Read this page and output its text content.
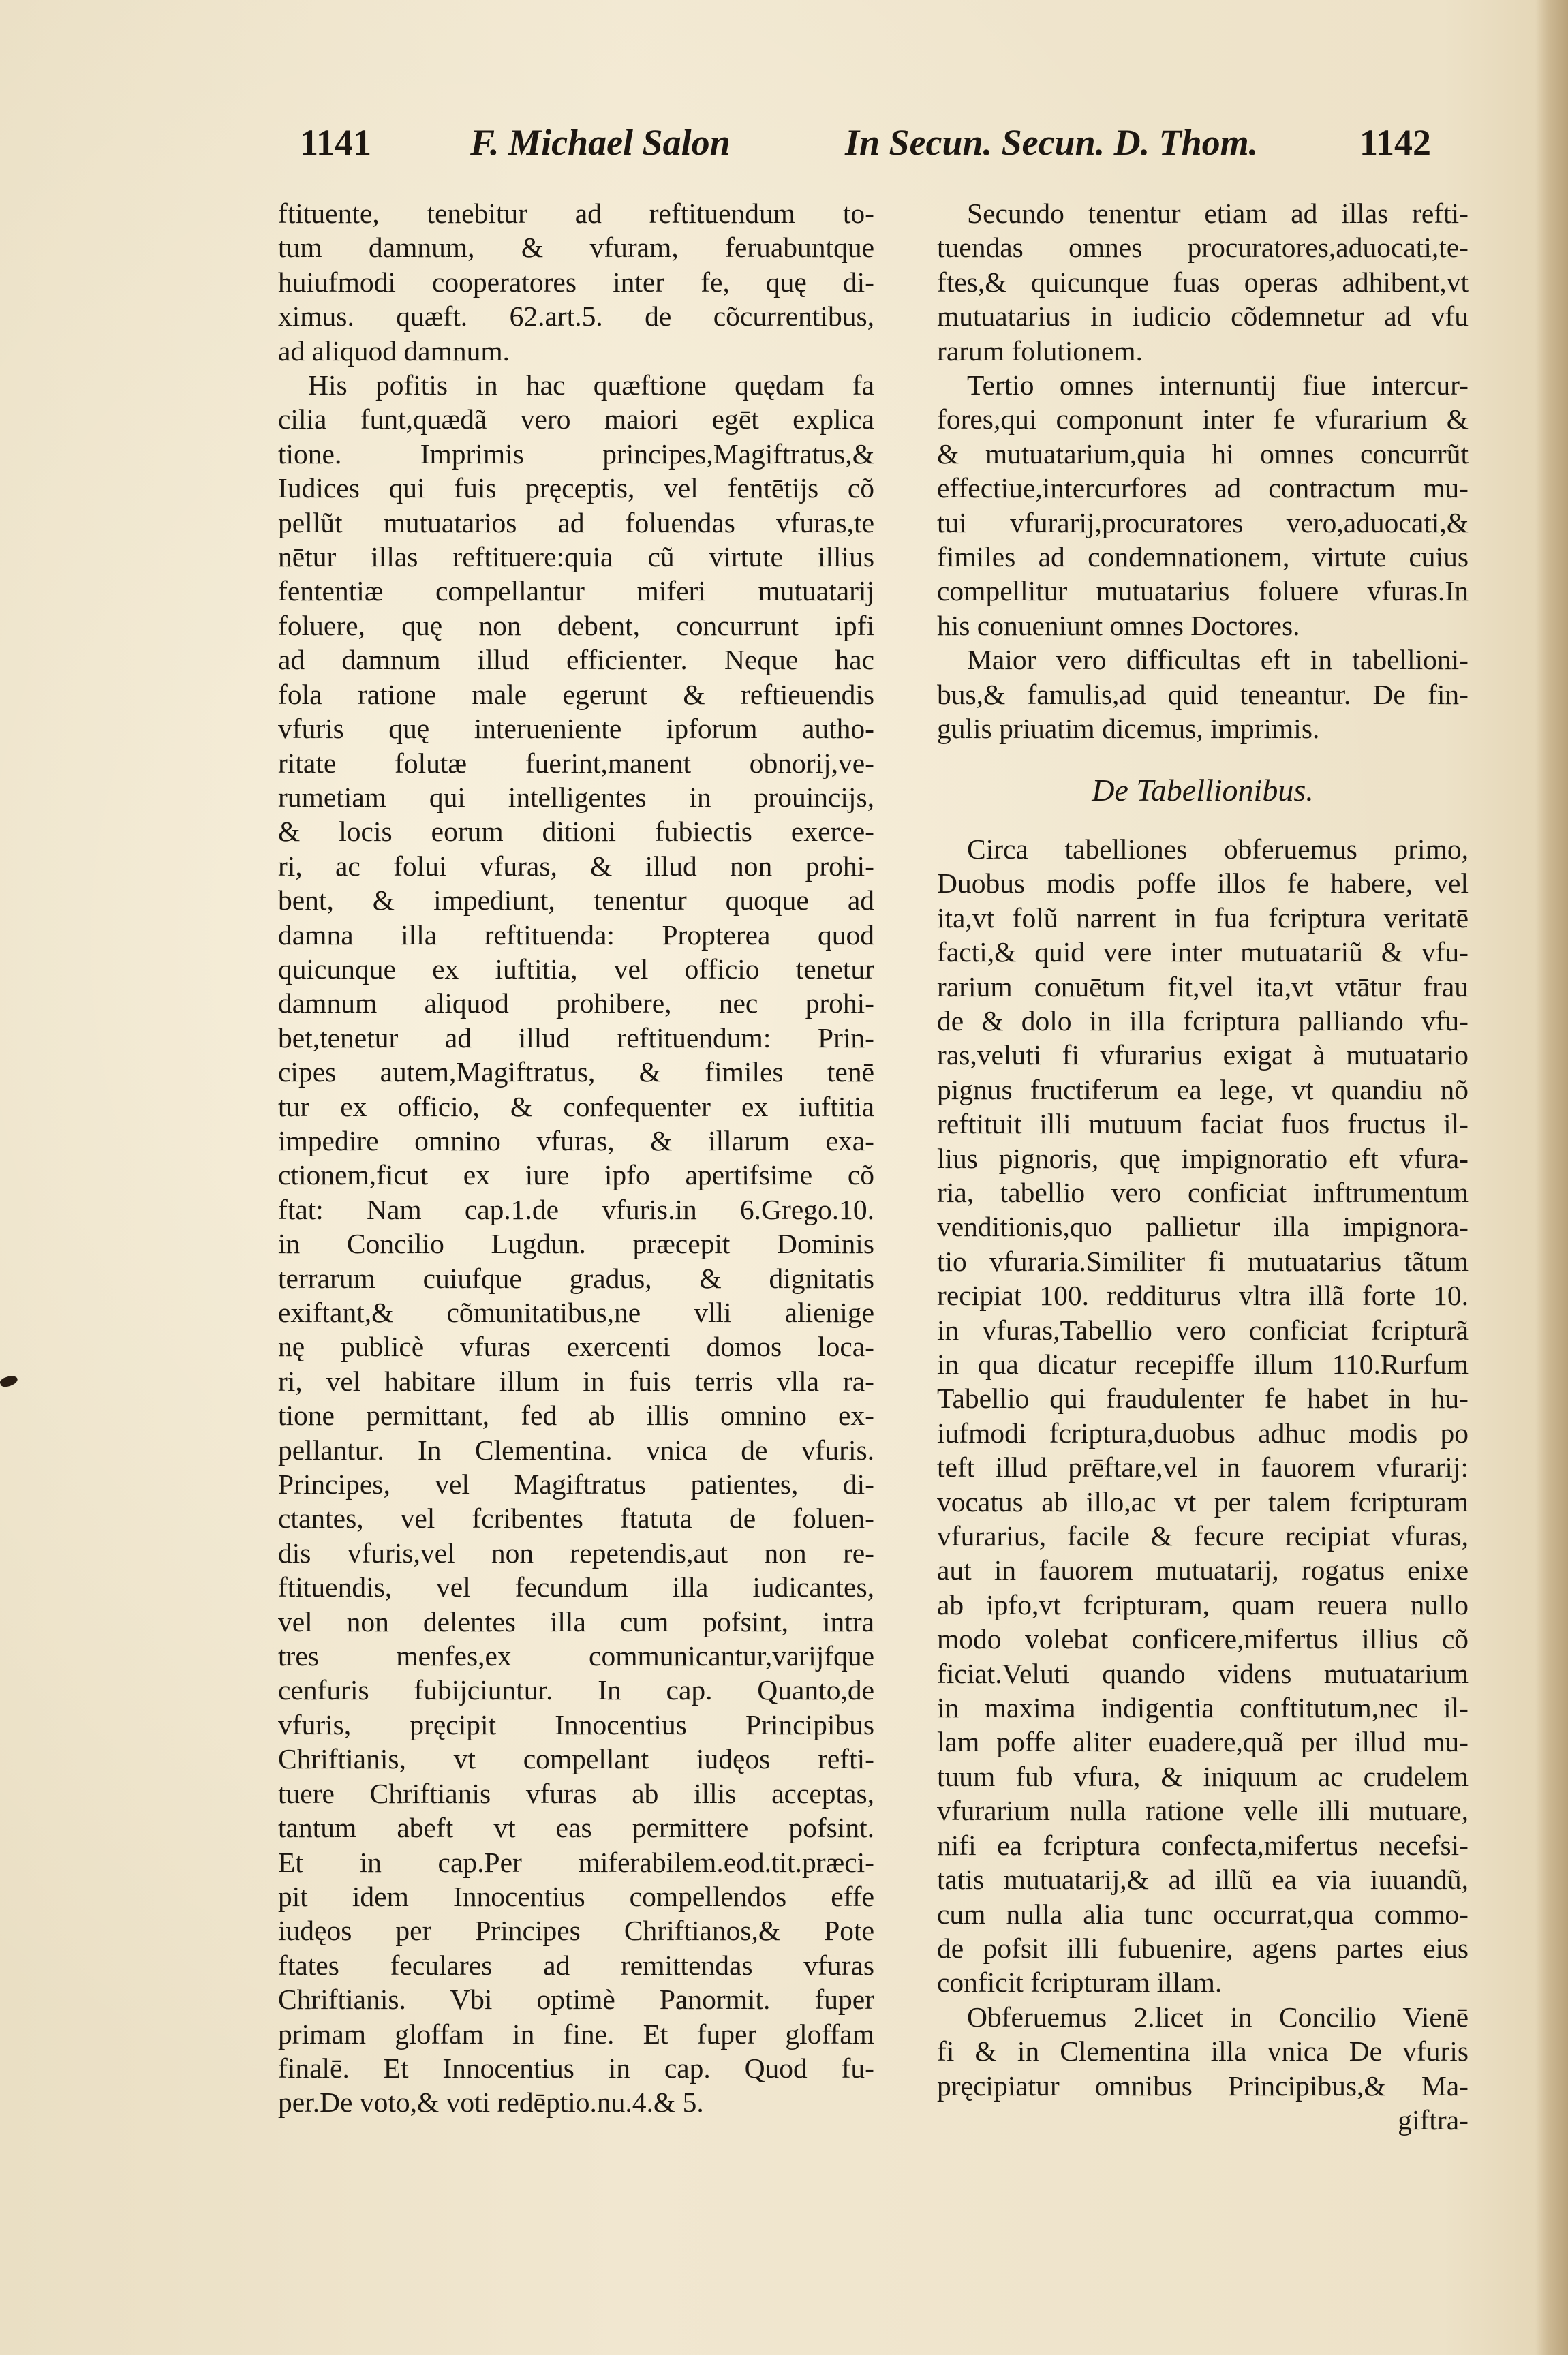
1141	F. Michael Salon	In Secun. Secun. D. Thom.	1142

ftituente, tenebitur ad reftituendum to-

tum damnum, & vfuram, feruabuntque

huiufmodi cooperatores inter fe, quę di-

ximus. quæft. 62.art.5. de cõcurrentibus,

ad aliquod damnum.

His pofitis in hac quæftione quędam fa

cilia funt,quædã vero maiori egēt explica

tione. Imprimis principes,Magiftratus,&

Iudices qui fuis pręceptis, vel fentētijs cõ

pellũt mutuatarios ad foluendas vfuras,te

nētur illas reftituere:quia cũ virtute illius

fententiæ compellantur miferi mutuatarij

foluere, quę non debent, concurrunt ipfi

ad damnum illud efficienter. Neque hac

fola ratione male egerunt & reftieuendis

vfuris quę interueniente ipforum autho-

ritate folutæ fuerint,manent obnorij,ve-

rumetiam qui intelligentes in prouincijs,

& locis eorum ditioni fubiectis exerce-

ri, ac folui vfuras, & illud non prohi-

bent, & impediunt, tenentur quoque ad

damna illa reftituenda: Propterea quod

quicunque ex iuftitia, vel officio tenetur

damnum aliquod prohibere, nec prohi-

bet,tenetur ad illud reftituendum: Prin-

cipes autem,Magiftratus, & fimiles tenē

tur ex officio, & confequenter ex iuftitia

impedire omnino vfuras, & illarum exa-

ctionem,ficut ex iure ipfo apertifsime cõ

ftat: Nam cap.1.de vfuris.in 6.Grego.10.

in Concilio Lugdun. præcepit Dominis

terrarum cuiufque gradus, & dignitatis

exiftant,& cõmunitatibus,ne vlli alienige

nę publicè vfuras exercenti domos loca-

ri, vel habitare illum in fuis terris vlla ra-

tione permittant, fed ab illis omnino ex-

pellantur. In Clementina. vnica de vfuris.

Principes, vel Magiftratus patientes, di-

ctantes, vel fcribentes ftatuta de foluen-

dis vfuris,vel non repetendis,aut non re-

ftituendis, vel fecundum illa iudicantes,

vel non delentes illa cum pofsint, intra

tres menfes,ex communicantur,varijfque

cenfuris fubijciuntur. In cap. Quanto,de

vfuris, pręcipit Innocentius Principibus

Chriftianis, vt compellant iudęos refti-

tuere Chriftianis vfuras ab illis acceptas,

tantum abeft vt eas permittere pofsint.

Et in cap.Per miferabilem.eod.tit.præci-

pit idem Innocentius compellendos effe

iudęos per Principes Chriftianos,& Pote

ftates feculares ad remittendas vfuras

Chriftianis. Vbi optimè Panormit. fuper

primam gloffam in fine. Et fuper gloffam

finalē. Et Innocentius in cap. Quod fu-

per.De voto,& voti redēptio.nu.4.& 5.

Secundo tenentur etiam ad illas refti-

tuendas omnes procuratores,aduocati,te-

ftes,& quicunque fuas operas adhibent,vt

mutuatarius in iudicio cõdemnetur ad vfu

rarum folutionem.

Tertio omnes internuntij fiue intercur-

fores,qui componunt inter fe vfurarium &

& mutuatarium,quia hi omnes concurrũt

effectiue,intercurfores ad contractum mu-

tui vfurarij,procuratores vero,aduocati,&

fimiles ad condemnationem, virtute cuius

compellitur mutuatarius foluere vfuras.In

his conueniunt omnes Doctores.

Maior vero difficultas eft in tabellioni-

bus,& famulis,ad quid teneantur. De fin-

gulis priuatim dicemus, imprimis.

De Tabellionibus.

Circa tabelliones obferuemus primo,

Duobus modis poffe illos fe habere, vel

ita,vt folũ narrent in fua fcriptura veritatē

facti,& quid vere inter mutuatariũ & vfu-

rarium conuētum fit,vel ita,vt vtātur frau

de & dolo in illa fcriptura palliando vfu-

ras,veluti fi vfurarius exigat à mutuatario

pignus fructiferum ea lege, vt quandiu nõ

reftituit illi mutuum faciat fuos fructus il-

lius pignoris, quę impignoratio eft vfura-

ria, tabellio vero conficiat inftrumentum

venditionis,quo pallietur illa impignora-

tio vfuraria.Similiter fi mutuatarius tãtum

recipiat 100. redditurus vltra illã forte 10.

in vfuras,Tabellio vero conficiat fcripturã

in qua dicatur recepiffe illum 110.Rurfum

Tabellio qui fraudulenter fe habet in hu-

iufmodi fcriptura,duobus adhuc modis po

teft illud prēftare,vel in fauorem vfurarij:

vocatus ab illo,ac vt per talem fcripturam

vfurarius, facile & fecure recipiat vfuras,

aut in fauorem mutuatarij, rogatus enixe

ab ipfo,vt fcripturam, quam reuera nullo

modo volebat conficere,mifertus illius cõ

ficiat.Veluti quando videns mutuatarium

in maxima indigentia conftitutum,nec il-

lam poffe aliter euadere,quã per illud mu-

tuum fub vfura, & iniquum ac crudelem

vfurarium nulla ratione velle illi mutuare,

nifi ea fcriptura confecta,mifertus necefsi-

tatis mutuatarij,& ad illũ ea via iuuandũ,

cum nulla alia tunc occurrat,qua commo-

de pofsit illi fubuenire, agens partes eius

conficit fcripturam illam.

Obferuemus 2.licet in Concilio Vienē

fi & in Clementina illa vnica De vfuris

pręcipiatur omnibus Principibus,& Ma-

giftra-
